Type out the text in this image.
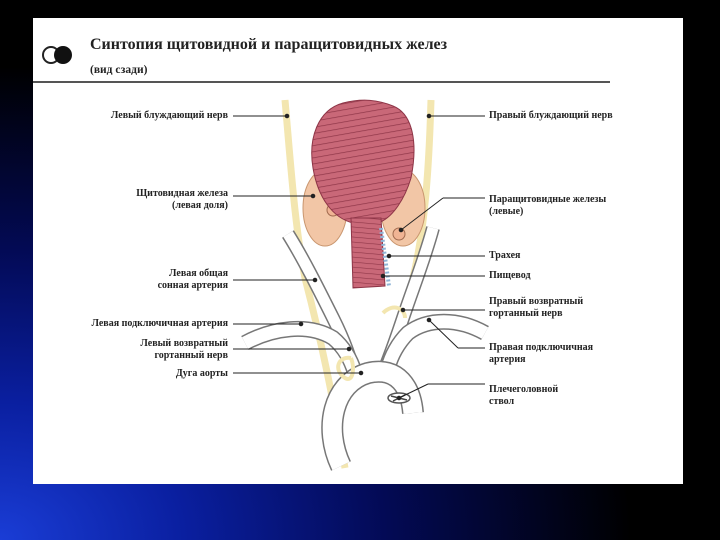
Синтопия щитовидной и паращитовидных желез
(вид сзади)
Левый блуждающий нерв
Щитовидная железа
(левая доля)
Левая общая
сонная артерия
Левая подключичная артерия
Левый возвратный
гортанный нерв
Дуга аорты
Правый блуждающий нерв
Паращитовидные железы
(левые)
Трахея
Пищевод
Правый возвратный
гортанный нерв
Правая подключичная
артерия
Плечеголовной
ствол
